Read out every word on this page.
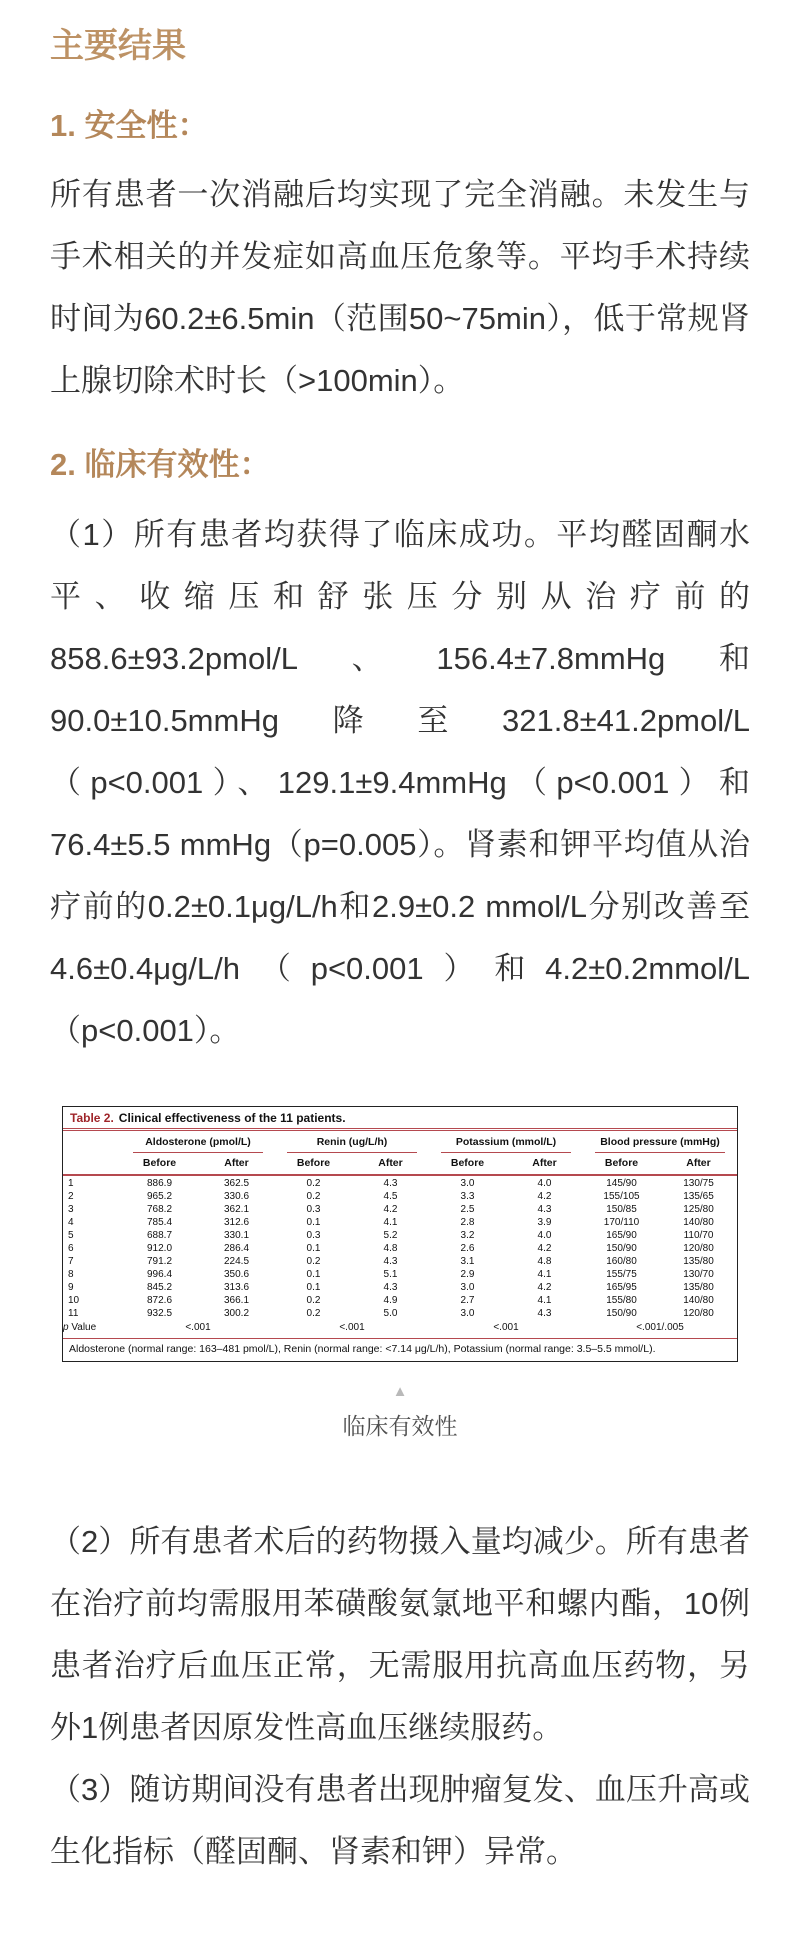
主要结果
1. 安全性：

所有患者一次消融后均实现了完全消融。未发生与手术相关的并发症如高血压危象等。平均手术持续时间为60.2±6.5min（范围50~75min），低于常规肾上腺切除术时长（>100min）。

2. 临床有效性：

（1）所有患者均获得了临床成功。平均醛固酮水平、收缩压和舒张压分别从治疗前的858.6±93.2pmol/L、156.4±7.8mmHg和90.0±10.5mmHg降至321.8±41.2pmol/L（p<0.001）、129.1±9.4mmHg（p<0.001）和76.4±5.5 mmHg（p=0.005）。肾素和钾平均值从治疗前的0.2±0.1μg/L/h和2.9±0.2 mmol/L分别改善至4.6±0.4μg/L/h（p<0.001）和4.2±0.2mmol/L（p<0.001）。

Table 2. Clinical effectiveness of the 11 patients.
Aldosterone (pmol/L)	Renin (ug/L/h)	Potassium (mmol/L)	Blood pressure (mmHg)
Before	After	Before	After	Before	After	Before	After
1	886.9	362.5	0.2	4.3	3.0	4.0	145/90	130/75
2	965.2	330.6	0.2	4.5	3.3	4.2	155/105	135/65
3	768.2	362.1	0.3	4.2	2.5	4.3	150/85	125/80
4	785.4	312.6	0.1	4.1	2.8	3.9	170/110	140/80
5	688.7	330.1	0.3	5.2	3.2	4.0	165/90	110/70
6	912.0	286.4	0.1	4.8	2.6	4.2	150/90	120/80
7	791.2	224.5	0.2	4.3	3.1	4.8	160/80	135/80
8	996.4	350.6	0.1	5.1	2.9	4.1	155/75	130/70
9	845.2	313.6	0.1	4.3	3.0	4.2	165/95	135/80
10	872.6	366.1	0.2	4.9	2.7	4.1	155/80	140/80
11	932.5	300.2	0.2	5.0	3.0	4.3	150/90	120/80
p Value	<.001	<.001	<.001	<.001/.005
Aldosterone (normal range: 163–481 pmol/L), Renin (normal range: <7.14 μg/L/h), Potassium (normal range: 3.5–5.5 mmol/L).
▲
临床有效性

（2）所有患者术后的药物摄入量均减少。所有患者在治疗前均需服用苯磺酸氨氯地平和螺内酯，10例患者治疗后血压正常，无需服用抗高血压药物，另外1例患者因原发性高血压继续服药。

（3）随访期间没有患者出现肿瘤复发、血压升高或生化指标（醛固酮、肾素和钾）异常。
